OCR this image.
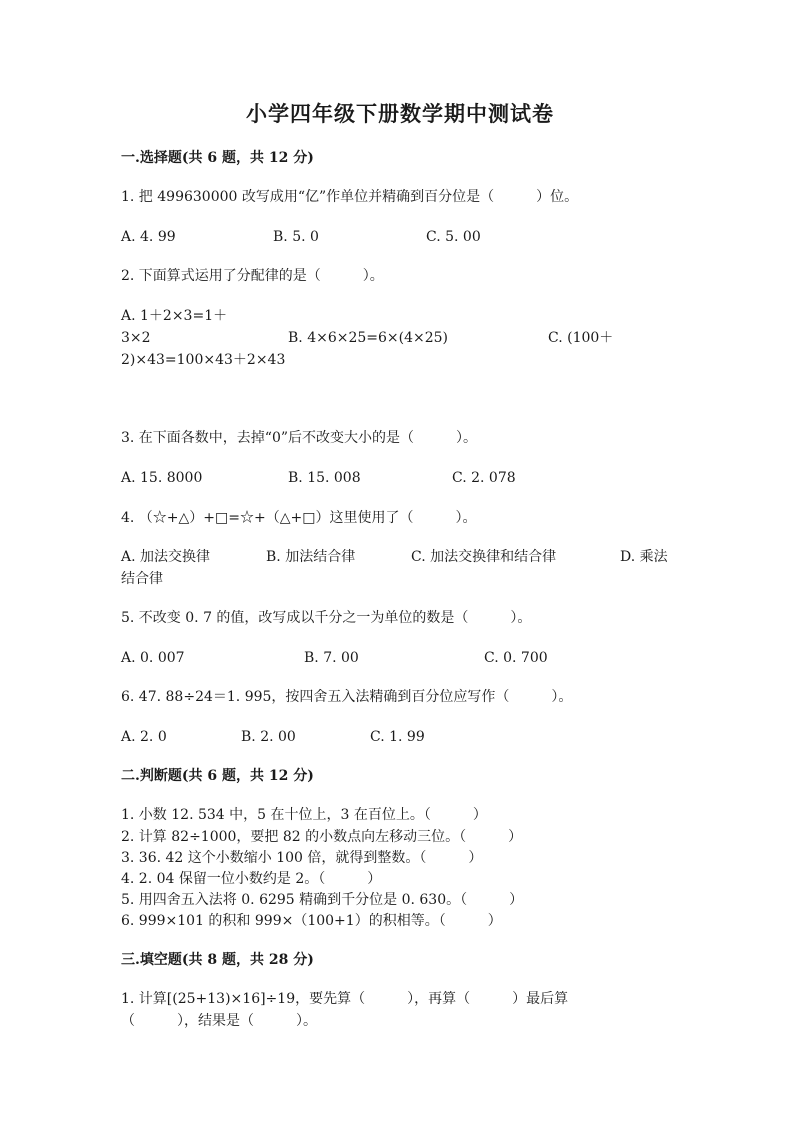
小学四年级下册数学期中测试卷
一.选择题(共 6 题，共 12 分)
1. 把 499630000 改写成用“亿”作单位并精确到百分位是（　　　）位。
A. 4. 99	B. 5. 0	C. 5. 00
2. 下面算式运用了分配律的是（　　　）。
A. 1＋2×3=1＋
3×2	B. 4×6×25=6×(4×25)	C. (100＋
2)×43=100×43＋2×43
3. 在下面各数中，去掉“0”后不改变大小的是（　　　）。
A. 15. 8000	B. 15. 008	C. 2. 078
4. （☆+△）+□=☆+（△+□）这里使用了（　　　）。
A. 加法交换律	B. 加法结合律	C. 加法交换律和结合律	D. 乘法
结合律
5. 不改变 0. 7 的值，改写成以千分之一为单位的数是（　　　）。
A. 0. 007	B. 7. 00	C. 0. 700
6. 47. 88÷24＝1. 995，按四舍五入法精确到百分位应写作（　　　）。
A. 2. 0	B. 2. 00	C. 1. 99
二.判断题(共 6 题，共 12 分)
1. 小数 12. 534 中，5 在十位上，3 在百位上。（　　　）
2. 计算 82÷1000，要把 82 的小数点向左移动三位。（　　　）
3. 36. 42 这个小数缩小 100 倍，就得到整数。（　　　）
4. 2. 04 保留一位小数约是 2。（　　　）
5. 用四舍五入法将 0. 6295 精确到千分位是 0. 630。（　　　）
6. 999×101 的积和 999×（100+1）的积相等。（　　　）
三.填空题(共 8 题，共 28 分)
1. 计算[(25+13)×16]÷19，要先算（　　　），再算（　　　）最后算
（　　　），结果是（　　　）。
